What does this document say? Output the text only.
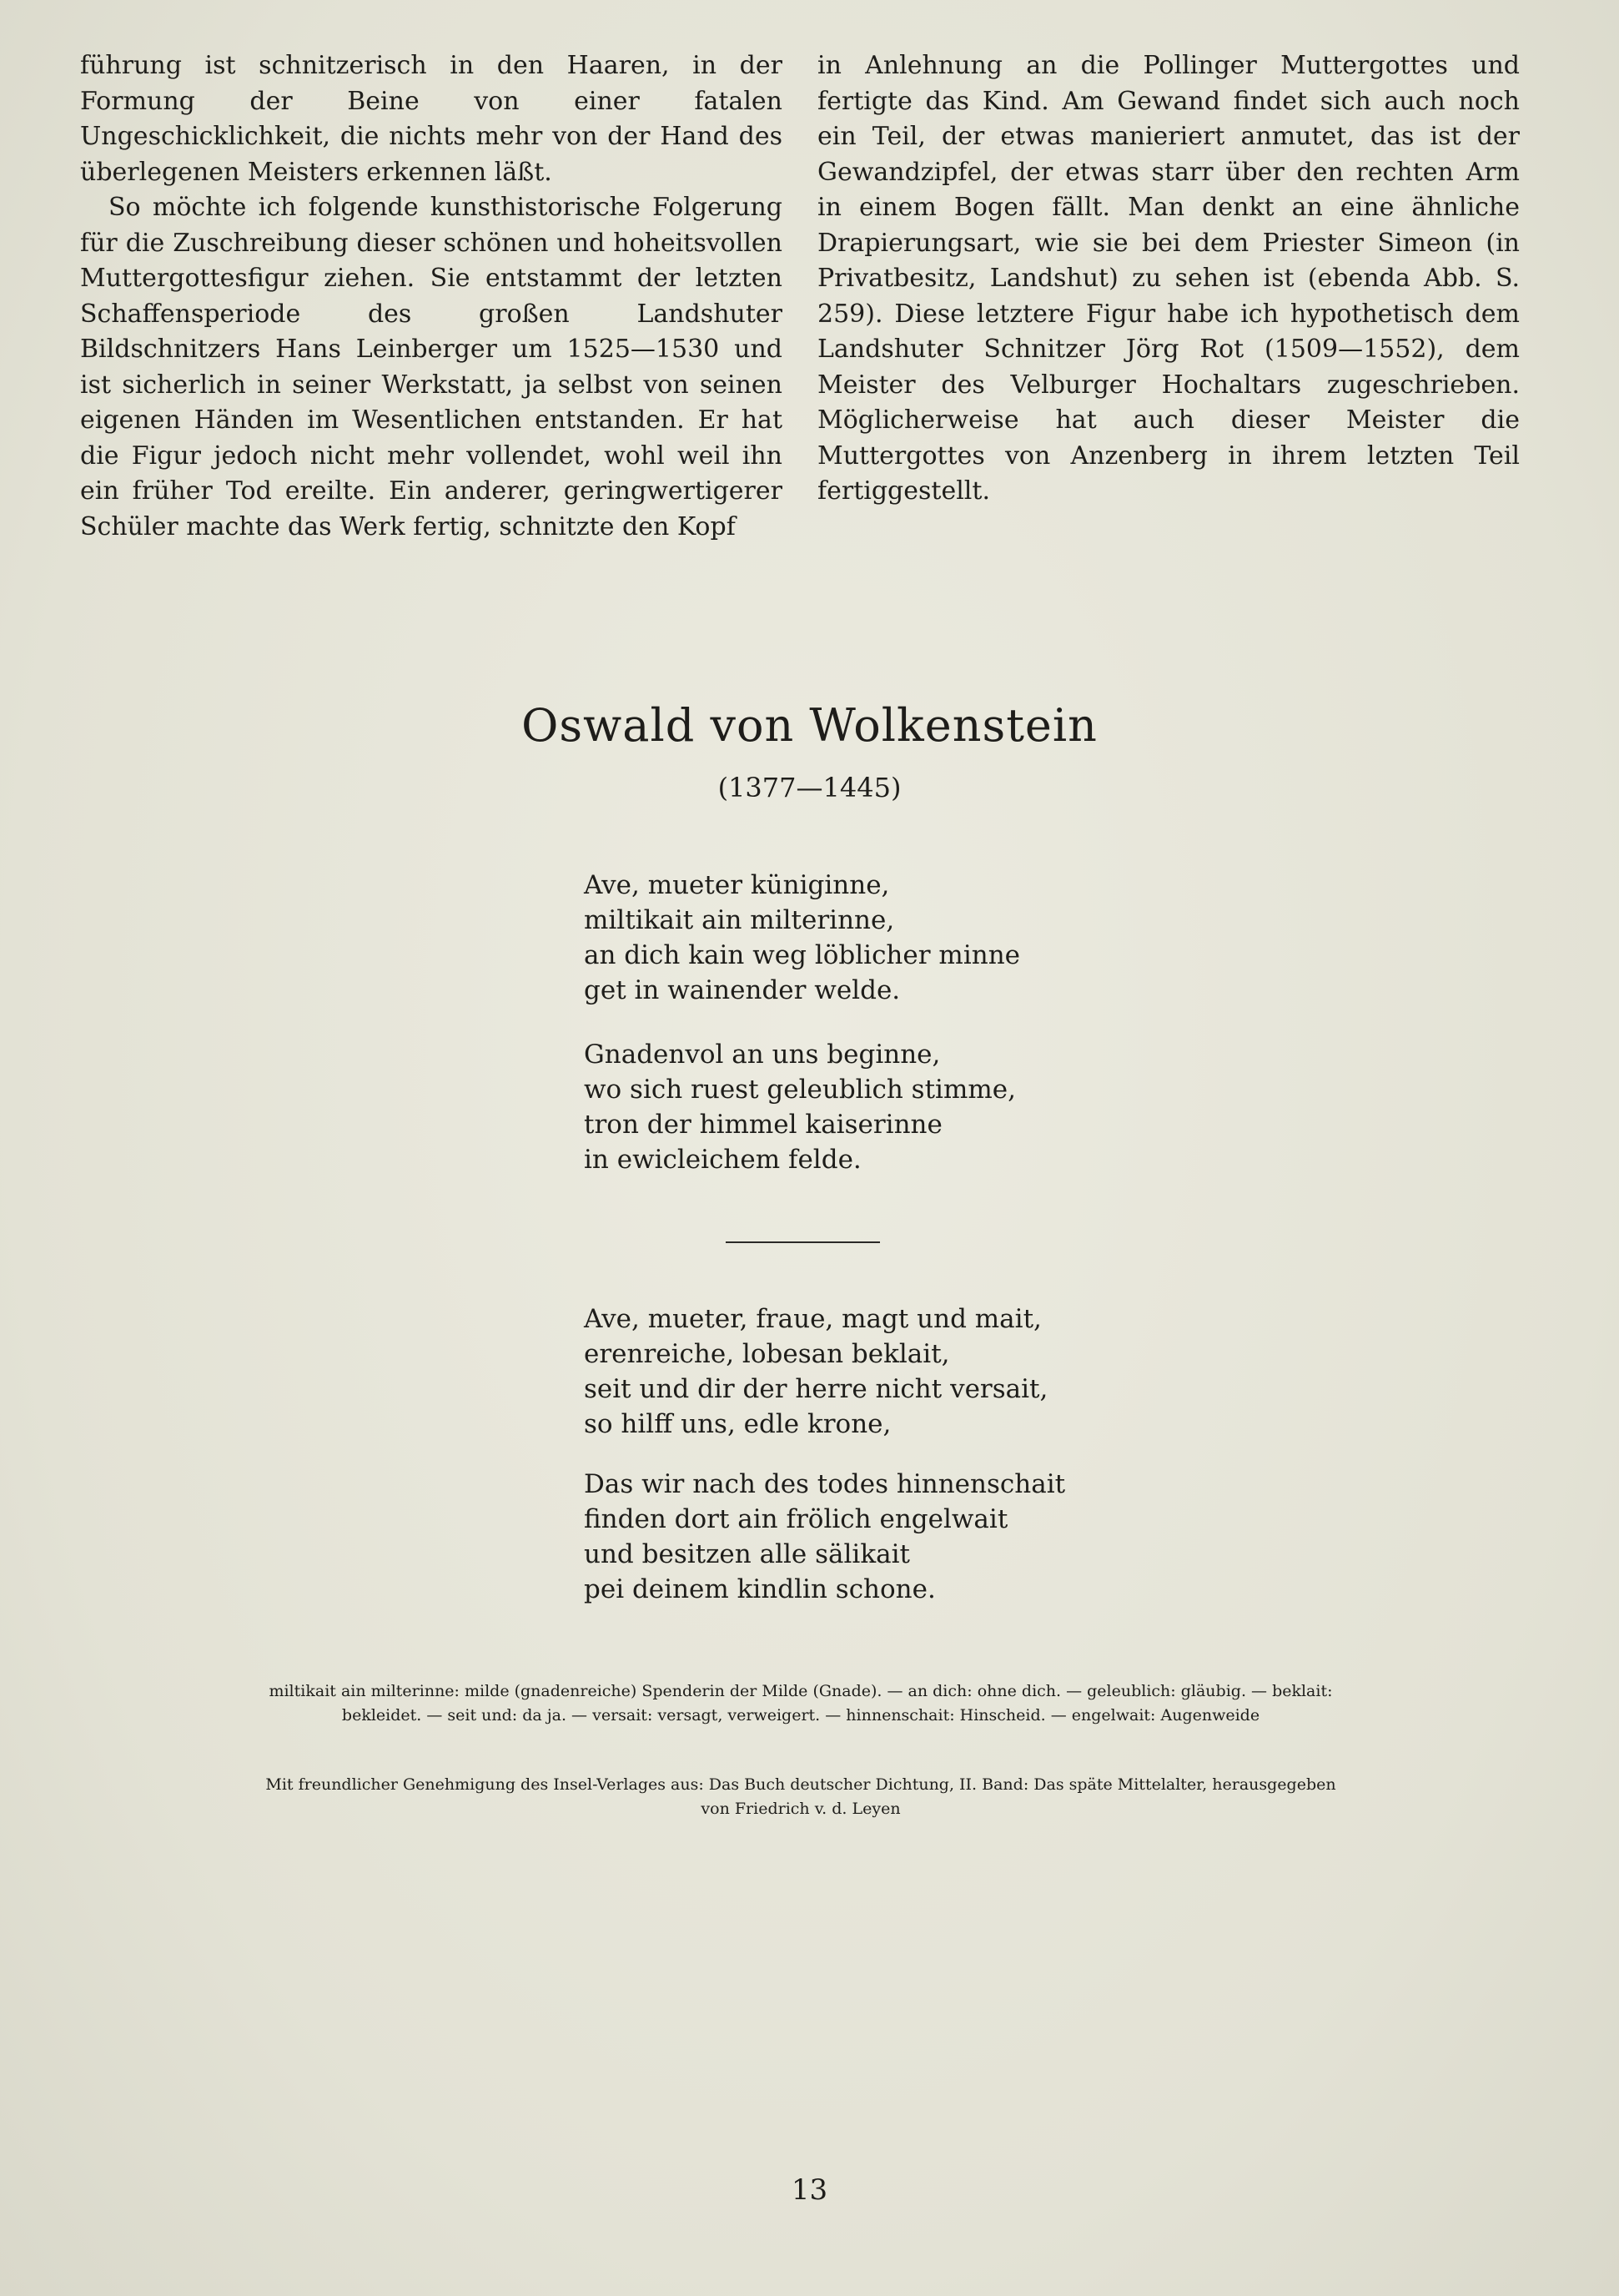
führung ist schnitzerisch in den Haaren, in der Formung der Beine von einer fatalen Ungeschicklichkeit, die nichts mehr von der Hand des überlegenen Meisters erkennen läßt.

So möchte ich folgende kunsthistorische Folgerung für die Zuschreibung dieser schönen und hoheitsvollen Muttergottesfigur ziehen. Sie entstammt der letzten Schaffensperiode des großen Landshuter Bildschnitzers Hans Leinberger um 1525—1530 und ist sicherlich in seiner Werkstatt, ja selbst von seinen eigenen Händen im Wesentlichen entstanden. Er hat die Figur jedoch nicht mehr vollendet, wohl weil ihn ein früher Tod ereilte. Ein anderer, geringwertigerer Schüler machte das Werk fertig, schnitzte den Kopf

in Anlehnung an die Pollinger Muttergottes und fertigte das Kind. Am Gewand findet sich auch noch ein Teil, der etwas manieriert anmutet, das ist der Gewandzipfel, der etwas starr über den rechten Arm in einem Bogen fällt. Man denkt an eine ähnliche Drapierungsart, wie sie bei dem Priester Simeon (in Privatbesitz, Landshut) zu sehen ist (ebenda Abb. S. 259). Diese letztere Figur habe ich hypothetisch dem Landshuter Schnitzer Jörg Rot (1509—1552), dem Meister des Velburger Hochaltars zugeschrieben. Möglicherweise hat auch dieser Meister die Muttergottes von Anzenberg in ihrem letzten Teil fertiggestellt.

Oswald von Wolkenstein
(1377—1445)
Ave, mueter küniginne,
miltikait ain milterinne,
an dich kain weg löblicher minne
get in wainender welde.
Gnadenvol an uns beginne,
wo sich ruest geleublich stimme,
tron der himmel kaiserinne
in ewicleichem felde.
Ave, mueter, fraue, magt und mait,
erenreiche, lobesan beklait,
seit und dir der herre nicht versait,
so hilff uns, edle krone,
Das wir nach des todes hinnenschait
finden dort ain frölich engelwait
und besitzen alle sälikait
pei deinem kindlin schone.
miltikait ain milterinne: milde (gnadenreiche) Spenderin der Milde (Gnade). — an dich: ohne dich. — geleublich: gläubig. — beklait: bekleidet. — seit und: da ja. — versait: versagt, verweigert. — hinnenschait: Hinscheid. — engelwait: Augenweide
Mit freundlicher Genehmigung des Insel-Verlages aus: Das Buch deutscher Dichtung, II. Band: Das späte Mittelalter, herausgegeben von Friedrich v. d. Leyen
13
